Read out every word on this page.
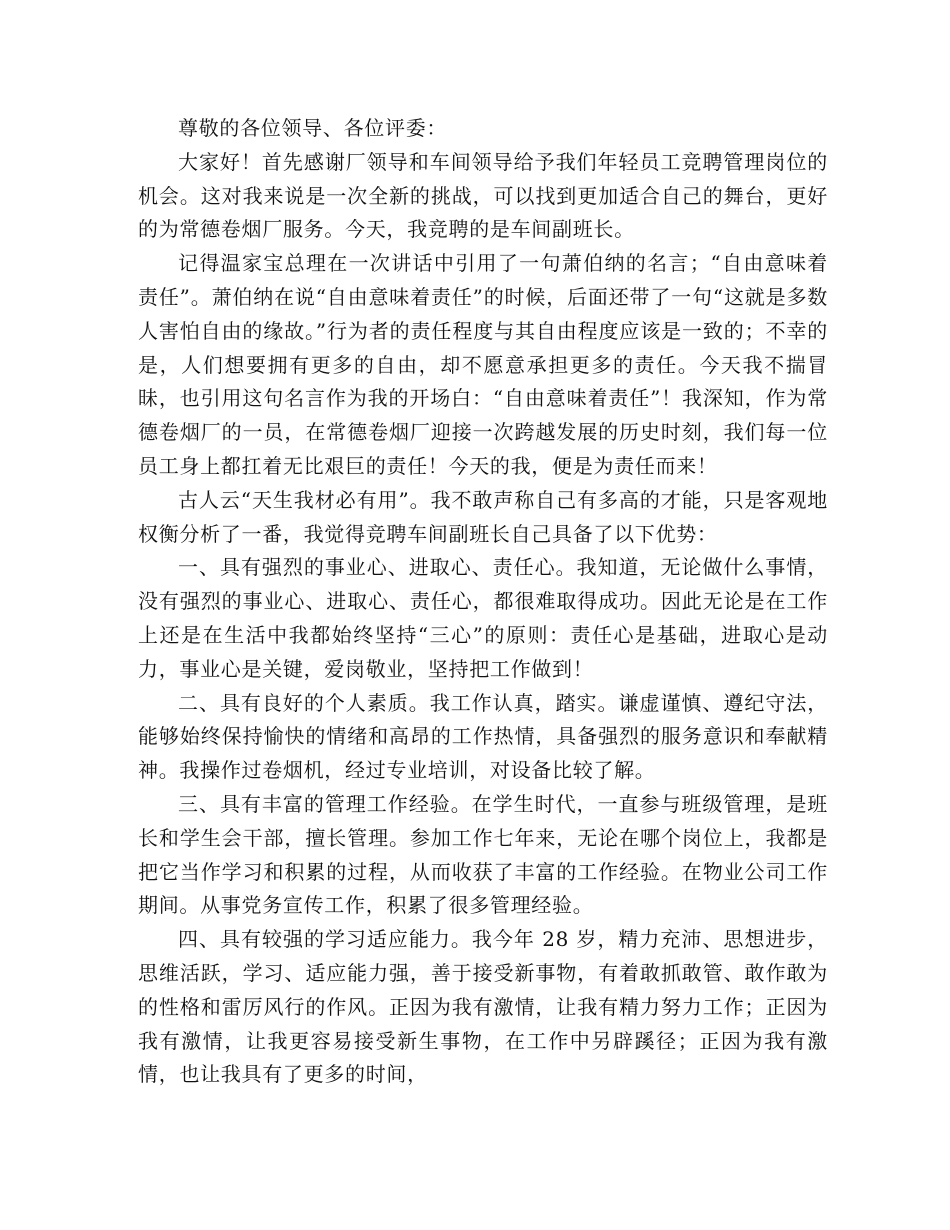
尊敬的各位领导、各位评委：

大家好！首先感谢厂领导和车间领导给予我们年轻员工竞聘管理岗位的机会。这对我来说是一次全新的挑战，可以找到更加适合自己的舞台，更好的为常德卷烟厂服务。今天，我竞聘的是车间副班长。

记得温家宝总理在一次讲话中引用了一句萧伯纳的名言；“自由意味着责任”。萧伯纳在说“自由意味着责任”的时候，后面还带了一句“这就是多数人害怕自由的缘故。”行为者的责任程度与其自由程度应该是一致的；不幸的是，人们想要拥有更多的自由，却不愿意承担更多的责任。今天我不揣冒昧，也引用这句名言作为我的开场白：“自由意味着责任”！我深知，作为常德卷烟厂的一员，在常德卷烟厂迎接一次跨越发展的历史时刻，我们每一位员工身上都扛着无比艰巨的责任！今天的我，便是为责任而来！

古人云“天生我材必有用”。我不敢声称自己有多高的才能，只是客观地权衡分析了一番，我觉得竞聘车间副班长自己具备了以下优势：

一、具有强烈的事业心、进取心、责任心。我知道，无论做什么事情，没有强烈的事业心、进取心、责任心，都很难取得成功。因此无论是在工作上还是在生活中我都始终坚持“三心”的原则：责任心是基础，进取心是动力，事业心是关键，爱岗敬业，坚持把工作做到！

二、具有良好的个人素质。我工作认真，踏实。谦虚谨慎、遵纪守法，能够始终保持愉快的情绪和高昂的工作热情，具备强烈的服务意识和奉献精神。我操作过卷烟机，经过专业培训，对设备比较了解。

三、具有丰富的管理工作经验。在学生时代，一直参与班级管理，是班长和学生会干部，擅长管理。参加工作七年来，无论在哪个岗位上，我都是把它当作学习和积累的过程，从而收获了丰富的工作经验。在物业公司工作期间。从事党务宣传工作，积累了很多管理经验。

四、具有较强的学习适应能力。我今年 28 岁，精力充沛、思想进步，思维活跃，学习、适应能力强，善于接受新事物，有着敢抓敢管、敢作敢为的性格和雷厉风行的作风。正因为我有激情，让我有精力努力工作；正因为我有激情，让我更容易接受新生事物，在工作中另辟蹊径；正因为我有激情，也让我具有了更多的时间，
